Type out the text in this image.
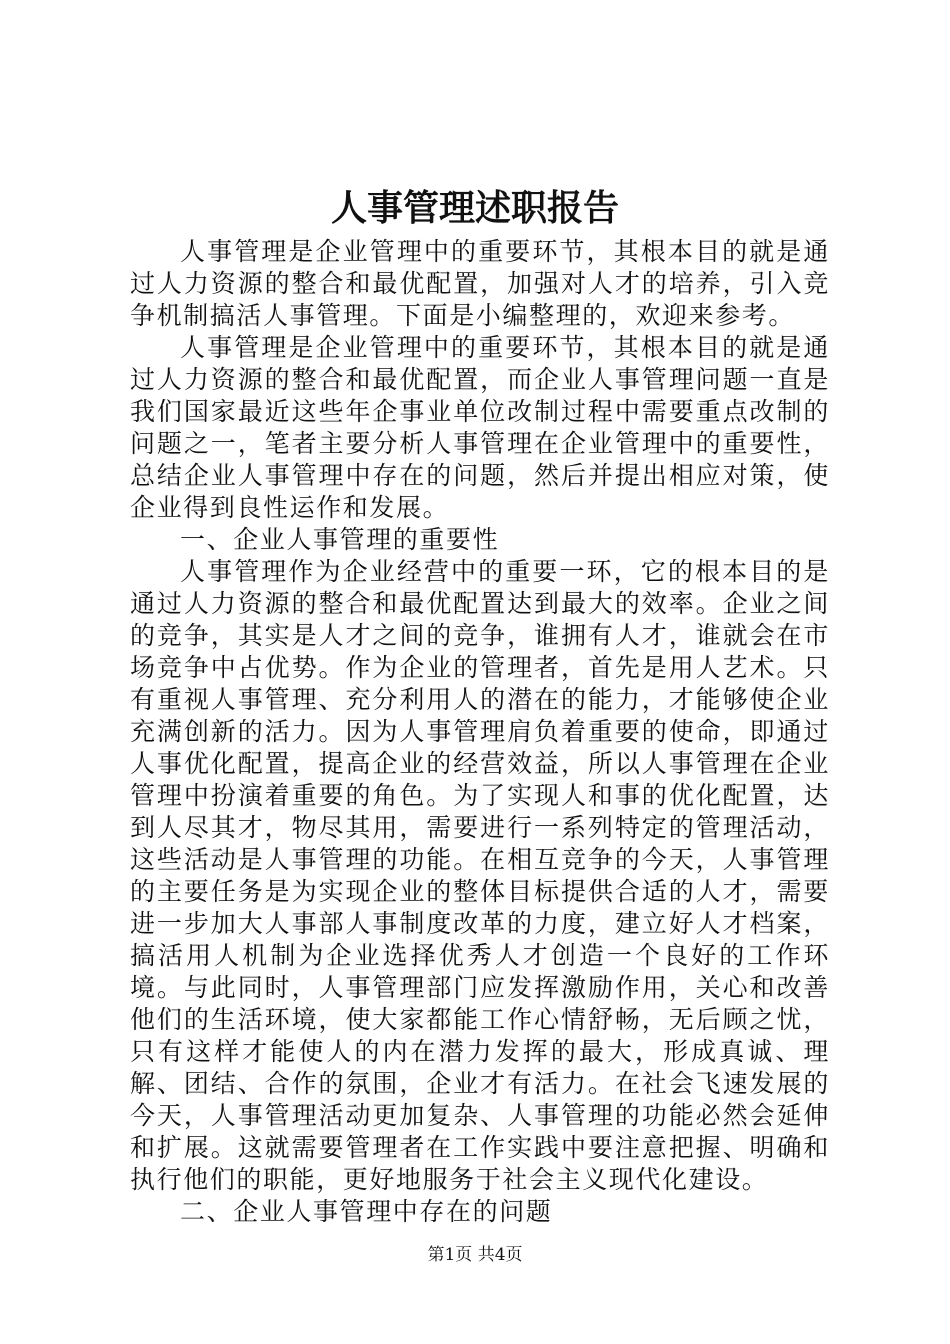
人事管理述职报告

人事管理是企业管理中的重要环节，其根本目的就是通过人力资源的整合和最优配置，加强对人才的培养，引入竞争机制搞活人事管理。下面是小编整理的，欢迎来参考。

人事管理是企业管理中的重要环节，其根本目的就是通过人力资源的整合和最优配置，而企业人事管理问题一直是我们国家最近这些年企事业单位改制过程中需要重点改制的问题之一，笔者主要分析人事管理在企业管理中的重要性，总结企业人事管理中存在的问题，然后并提出相应对策，使企业得到良性运作和发展。

一、企业人事管理的重要性

人事管理作为企业经营中的重要一环，它的根本目的是通过人力资源的整合和最优配置达到最大的效率。企业之间的竞争，其实是人才之间的竞争，谁拥有人才，谁就会在市场竞争中占优势。作为企业的管理者，首先是用人艺术。只有重视人事管理、充分利用人的潜在的能力，才能够使企业充满创新的活力。因为人事管理肩负着重要的使命，即通过人事优化配置，提高企业的经营效益，所以人事管理在企业管理中扮演着重要的角色。为了实现人和事的优化配置，达到人尽其才，物尽其用，需要进行一系列特定的管理活动，这些活动是人事管理的功能。在相互竞争的今天，人事管理的主要任务是为实现企业的整体目标提供合适的人才，需要进一步加大人事部人事制度改革的力度，建立好人才档案，搞活用人机制为企业选择优秀人才创造一个良好的工作环境。与此同时，人事管理部门应发挥激励作用，关心和改善他们的生活环境，使大家都能工作心情舒畅，无后顾之忧，只有这样才能使人的内在潜力发挥的最大，形成真诚、理解、团结、合作的氛围，企业才有活力。在社会飞速发展的今天，人事管理活动更加复杂、人事管理的功能必然会延伸和扩展。这就需要管理者在工作实践中要注意把握、明确和执行他们的职能，更好地服务于社会主义现代化建设。

二、企业人事管理中存在的问题

第1页 共4页
